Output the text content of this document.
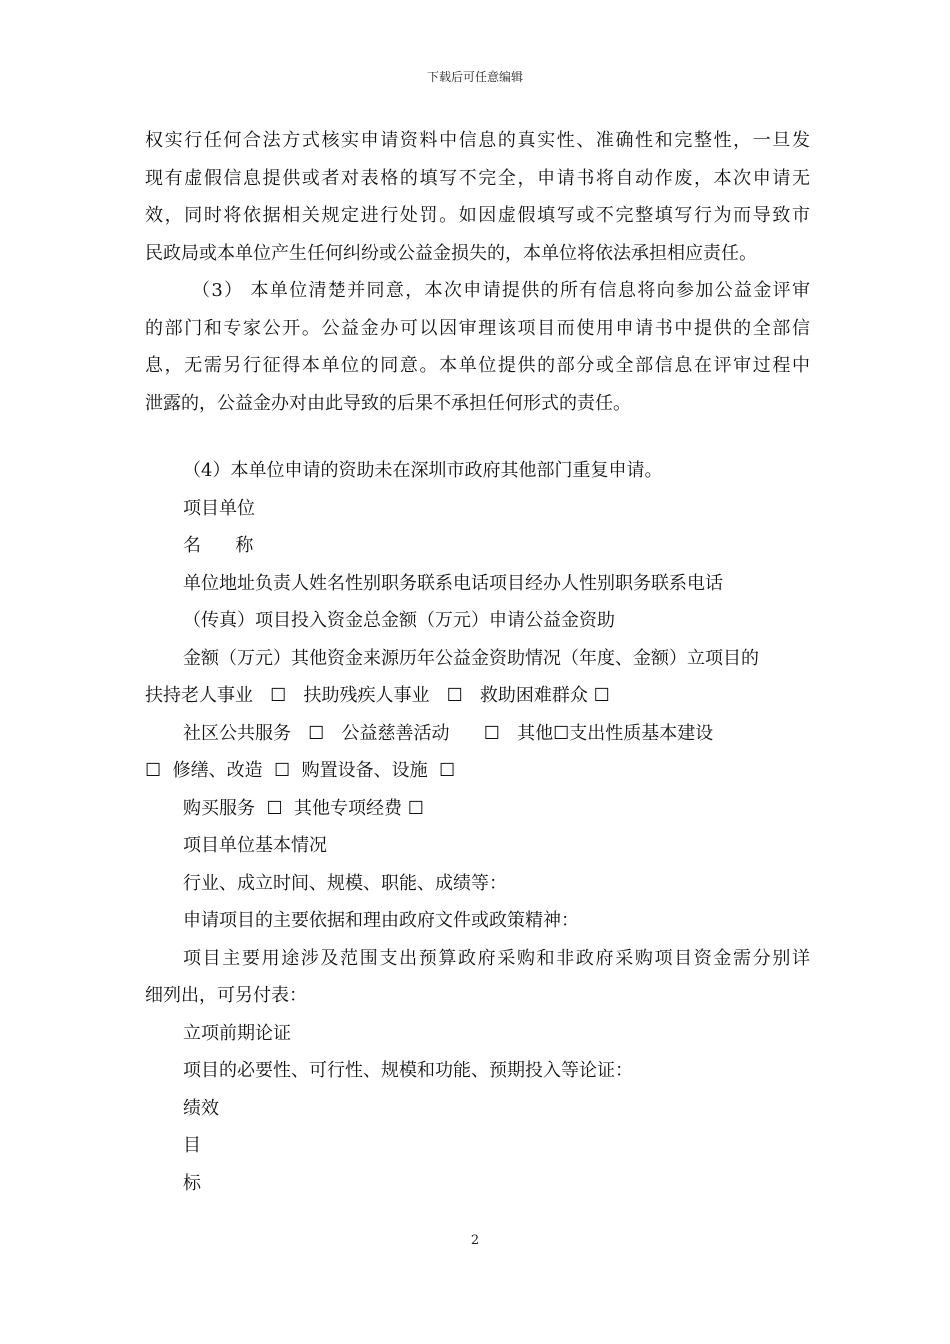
下载后可任意编辑

权实行任何合法方式核实申请资料中信息的真实性、准确性和完整性，一旦发

现有虚假信息提供或者对表格的填写不完全，申请书将自动作废，本次申请无

效，同时将依据相关规定进行处罚。如因虚假填写或不完整填写行为而导致市

民政局或本单位产生任何纠纷或公益金损失的，本单位将依法承担相应责任。

（3） 本单位清楚并同意，本次申请提供的所有信息将向参加公益金评审

的部门和专家公开。公益金办可以因审理该项目而使用申请书中提供的全部信

息，无需另行征得本单位的同意。本单位提供的部分或全部信息在评审过程中

泄露的，公益金办对由此导致的后果不承担任何形式的责任。

（4）本单位申请的资助未在深圳市政府其他部门重复申请。

项目单位

名      称

单位地址负责人姓名性别职务联系电话项目经办人性别职务联系电话

（传真）项目投入资金总金额（万元）申请公益金资助

金额（万元）其他资金来源历年公益金资助情况（年度、金额）立项目的

扶持老人事业   ☐   扶助残疾人事业   ☐   救助困难群众 ☐

社区公共服务   ☐   公益慈善活动      ☐   其他☐支出性质基本建设

☐  修缮、改造  ☐  购置设备、设施  ☐

购买服务  ☐  其他专项经费 ☐

项目单位基本情况

行业、成立时间、规模、职能、成绩等：

申请项目的主要依据和理由政府文件或政策精神：

项目主要用途涉及范围支出预算政府采购和非政府采购项目资金需分别详

细列出，可另付表：

立项前期论证

项目的必要性、可行性、规模和功能、预期投入等论证：

绩效

目

标

2
